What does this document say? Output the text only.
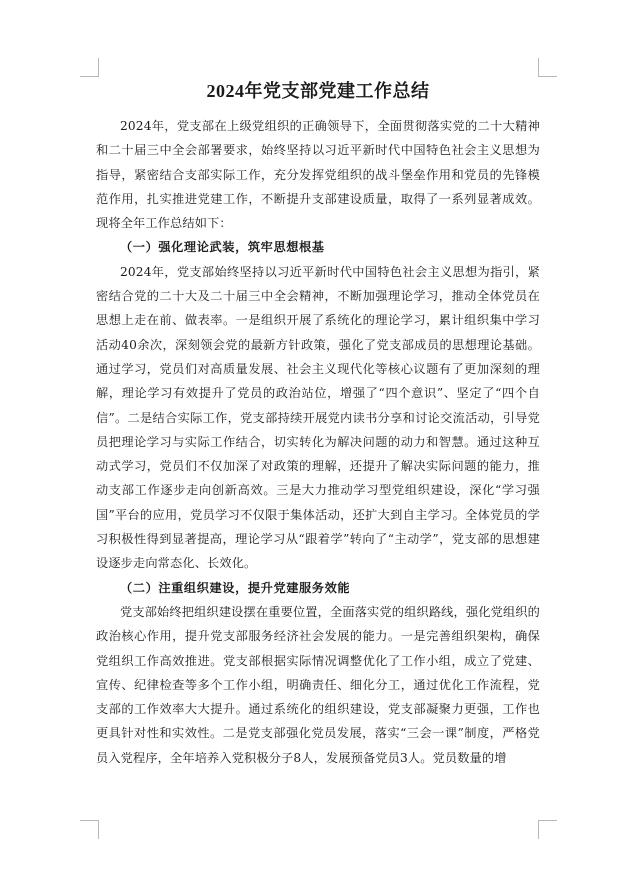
2024年党支部党建工作总结

2024年，党支部在上级党组织的正确领导下，全面贯彻落实党的二十大精神和二十届三中全会部署要求，始终坚持以习近平新时代中国特色社会主义思想为指导，紧密结合支部实际工作，充分发挥党组织的战斗堡垒作用和党员的先锋模范作用，扎实推进党建工作，不断提升支部建设质量，取得了一系列显著成效。现将全年工作总结如下：

（一）强化理论武装，筑牢思想根基

2024年，党支部始终坚持以习近平新时代中国特色社会主义思想为指引，紧密结合党的二十大及二十届三中全会精神，不断加强理论学习，推动全体党员在思想上走在前、做表率。一是组织开展了系统化的理论学习，累计组织集中学习活动40余次，深刻领会党的最新方针政策，强化了党支部成员的思想理论基础。通过学习，党员们对高质量发展、社会主义现代化等核心议题有了更加深刻的理解，理论学习有效提升了党员的政治站位，增强了“四个意识”、坚定了“四个自信”。二是结合实际工作，党支部持续开展党内读书分享和讨论交流活动，引导党员把理论学习与实际工作结合，切实转化为解决问题的动力和智慧。通过这种互动式学习，党员们不仅加深了对政策的理解，还提升了解决实际问题的能力，推动支部工作逐步走向创新高效。三是大力推动学习型党组织建设，深化“学习强国”平台的应用，党员学习不仅限于集体活动，还扩大到自主学习。全体党员的学习积极性得到显著提高，理论学习从“跟着学”转向了“主动学”，党支部的思想建设逐步走向常态化、长效化。

（二）注重组织建设，提升党建服务效能

党支部始终把组织建设摆在重要位置，全面落实党的组织路线，强化党组织的政治核心作用，提升党支部服务经济社会发展的能力。一是完善组织架构，确保党组织工作高效推进。党支部根据实际情况调整优化了工作小组，成立了党建、宣传、纪律检查等多个工作小组，明确责任、细化分工，通过优化工作流程，党支部的工作效率大大提升。通过系统化的组织建设，党支部凝聚力更强，工作也更具针对性和实效性。二是党支部强化党员发展，落实“三会一课”制度，严格党员入党程序，全年培养入党积极分子8人，发展预备党员3人。党员数量的增
